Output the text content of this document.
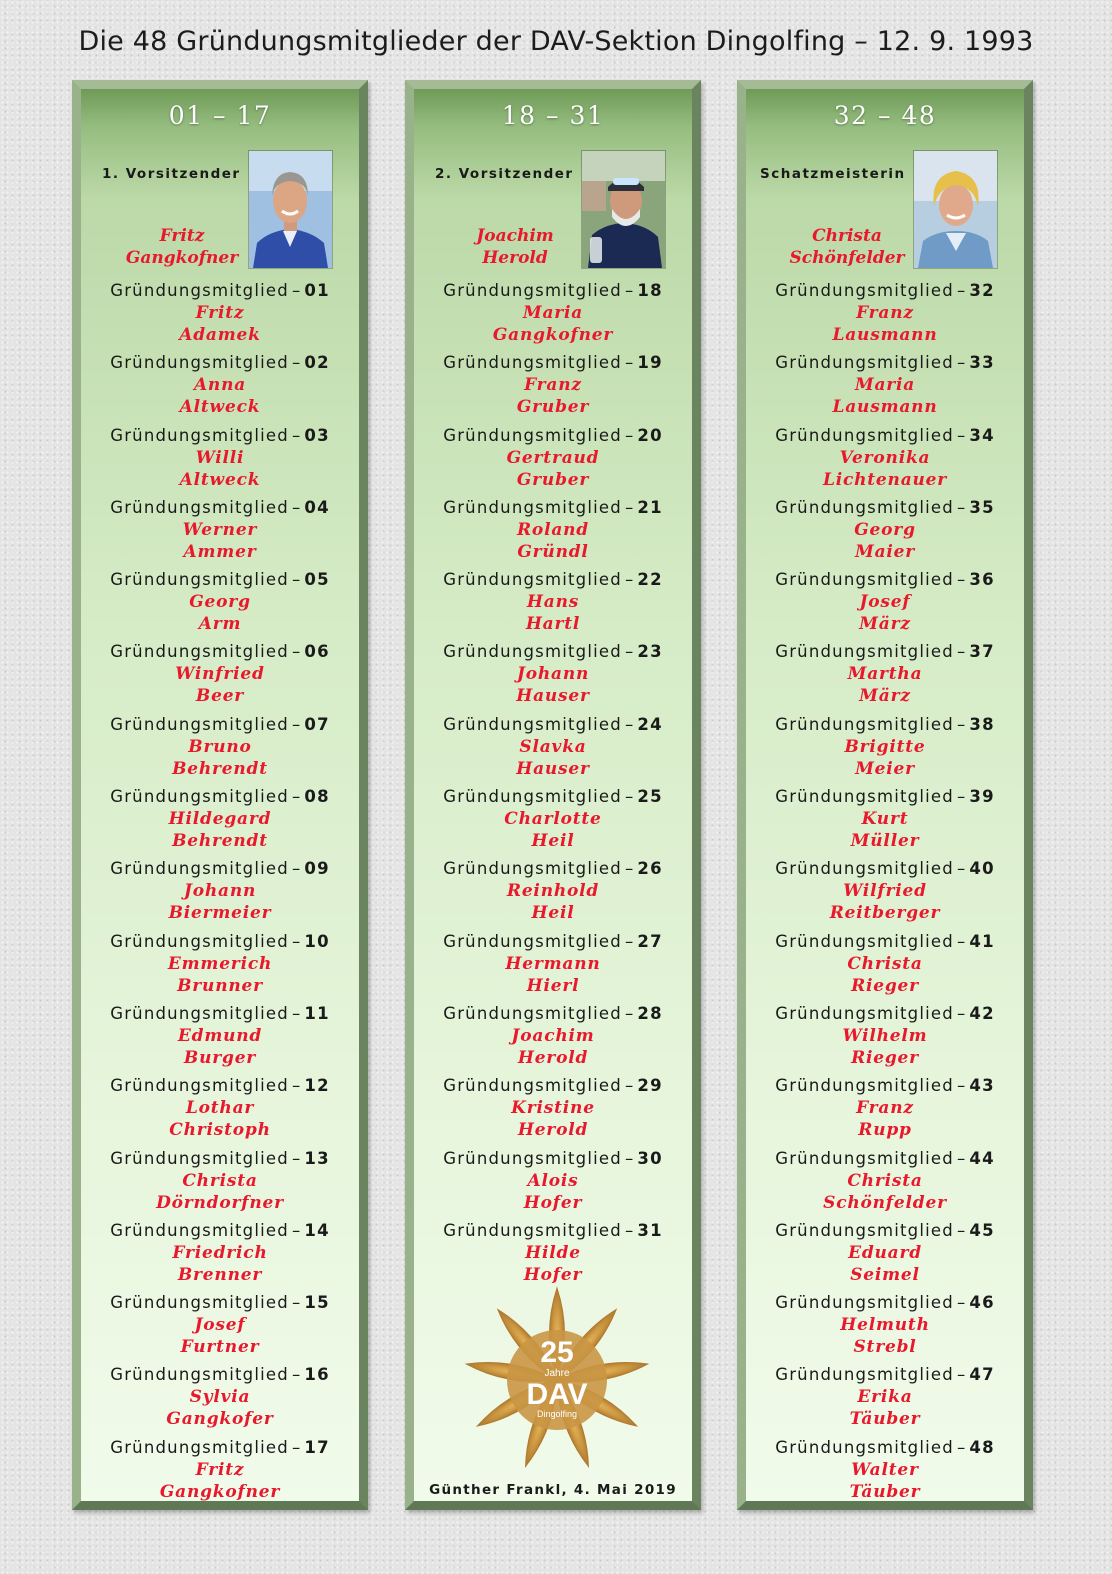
Die 48 Gründungsmitglieder der DAV-Sektion Dingolfing – 12. 9. 1993
01 – 17
1. Vorsitzender
Fritz
Gangkofner
Gründungsmitglied – 01
Fritz
Adamek
Gründungsmitglied – 02
Anna
Altweck
Gründungsmitglied – 03
Willi
Altweck
Gründungsmitglied – 04
Werner
Ammer
Gründungsmitglied – 05
Georg
Arm
Gründungsmitglied – 06
Winfried
Beer
Gründungsmitglied – 07
Bruno
Behrendt
Gründungsmitglied – 08
Hildegard
Behrendt
Gründungsmitglied – 09
Johann
Biermeier
Gründungsmitglied – 10
Emmerich
Brunner
Gründungsmitglied – 11
Edmund
Burger
Gründungsmitglied – 12
Lothar
Christoph
Gründungsmitglied – 13
Christa
Dörndorfner
Gründungsmitglied – 14
Friedrich
Brenner
Gründungsmitglied – 15
Josef
Furtner
Gründungsmitglied – 16
Sylvia
Gangkofer
Gründungsmitglied – 17
Fritz
Gangkofner
18 – 31
2. Vorsitzender
Joachim
Herold
Gründungsmitglied – 18
Maria
Gangkofner
Gründungsmitglied – 19
Franz
Gruber
Gründungsmitglied – 20
Gertraud
Gruber
Gründungsmitglied – 21
Roland
Gründl
Gründungsmitglied – 22
Hans
Hartl
Gründungsmitglied – 23
Johann
Hauser
Gründungsmitglied – 24
Slavka
Hauser
Gründungsmitglied – 25
Charlotte
Heil
Gründungsmitglied – 26
Reinhold
Heil
Gründungsmitglied – 27
Hermann
Hierl
Gründungsmitglied – 28
Joachim
Herold
Gründungsmitglied – 29
Kristine
Herold
Gründungsmitglied – 30
Alois
Hofer
Gründungsmitglied – 31
Hilde
Hofer
25
Jahre
DAV
Dingolfing
Günther Frankl, 4. Mai 2019
32 – 48
Schatzmeisterin
Christa
Schönfelder
Gründungsmitglied – 32
Franz
Lausmann
Gründungsmitglied – 33
Maria
Lausmann
Gründungsmitglied – 34
Veronika
Lichtenauer
Gründungsmitglied – 35
Georg
Maier
Gründungsmitglied – 36
Josef
März
Gründungsmitglied – 37
Martha
März
Gründungsmitglied – 38
Brigitte
Meier
Gründungsmitglied – 39
Kurt
Müller
Gründungsmitglied – 40
Wilfried
Reitberger
Gründungsmitglied – 41
Christa
Rieger
Gründungsmitglied – 42
Wilhelm
Rieger
Gründungsmitglied – 43
Franz
Rupp
Gründungsmitglied – 44
Christa
Schönfelder
Gründungsmitglied – 45
Eduard
Seimel
Gründungsmitglied – 46
Helmuth
Strebl
Gründungsmitglied – 47
Erika
Täuber
Gründungsmitglied – 48
Walter
Täuber
